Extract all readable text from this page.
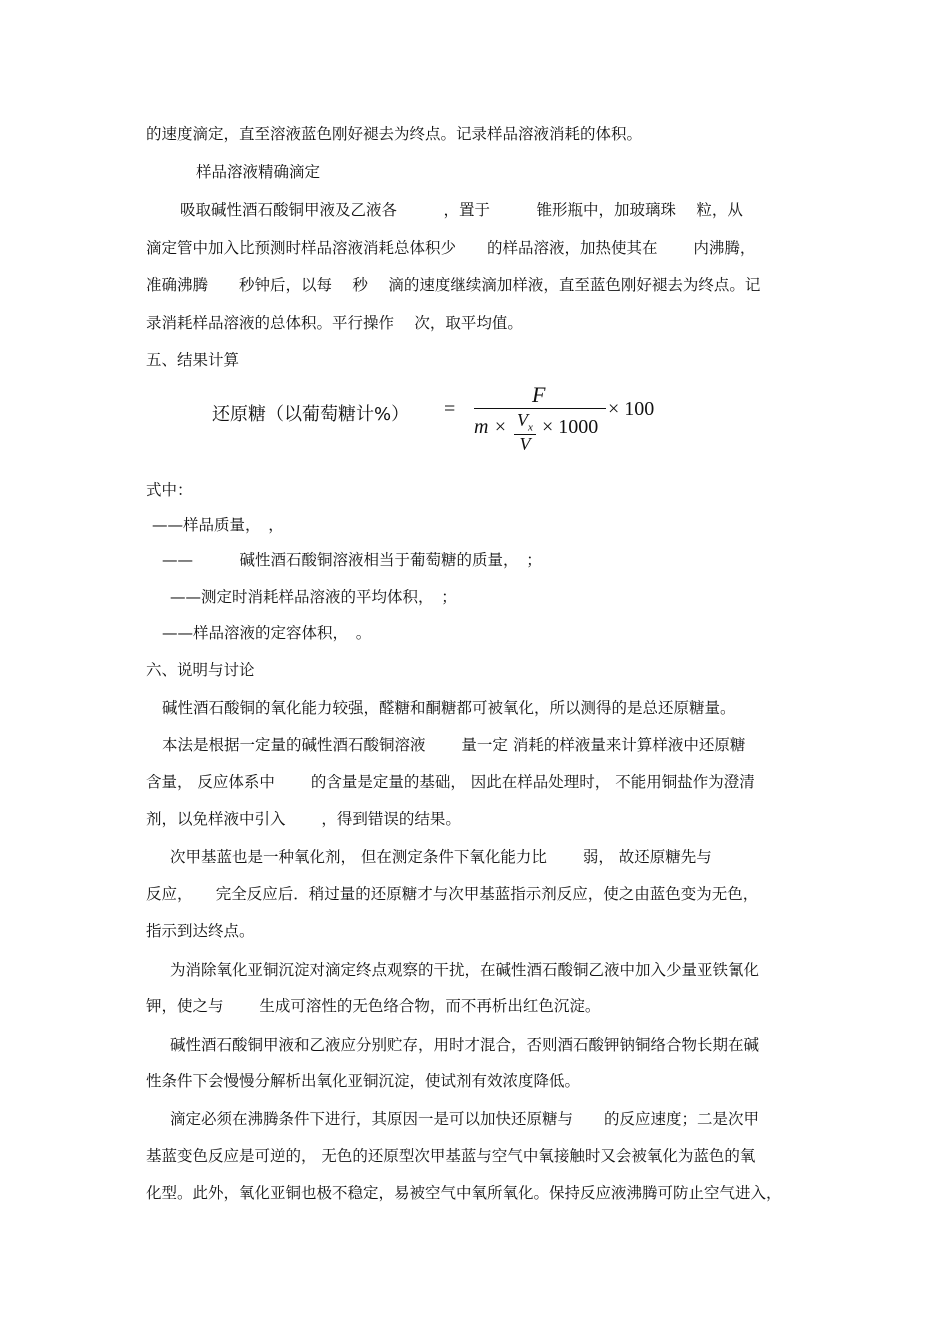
的速度滴定，直至溶液蓝色刚好褪去为终点。记录样品溶液消耗的体积。
样品溶液精确滴定
吸取碱性酒石酸铜甲液及乙液各　　　，置于　　　锥形瓶中，加玻璃珠　 粒，从
滴定管中加入比预测时样品溶液消耗总体积少　　的样品溶液，加热使其在　　 内沸腾，
准确沸腾　　秒钟后，以每　 秒　 滴的速度继续滴加样液，直至蓝色刚好褪去为终点。记
录消耗样品溶液的总体积。平行操作　 次，取平均值。
五、结果计算
还原糖（以葡萄糖计%） =
F
× 100
$m \times V_x$
V
× 1000
式中：
——样品质量，　，
——　　　碱性酒石酸铜溶液相当于葡萄糖的质量，　；
——测定时消耗样品溶液的平均体积，　；
——样品溶液的定容体积，　。
六、说明与讨论
碱性酒石酸铜的氧化能力较强，醛糖和酮糖都可被氧化，所以测得的是总还原糖量。
本法是根据一定量的碱性酒石酸铜溶液　　 量一定 消耗的样液量来计算样液中还原糖
含量， 反应体系中　　 的含量是定量的基础， 因此在样品处理时， 不能用铜盐作为澄清
剂，以免样液中引入　　 ，得到错误的结果。
次甲基蓝也是一种氧化剂， 但在测定条件下氧化能力比　　 弱， 故还原糖先与
反应，　　完全反应后．稍过量的还原糖才与次甲基蓝指示剂反应，使之由蓝色变为无色，
指示到达终点。
为消除氧化亚铜沉淀对滴定终点观察的干扰，在碱性酒石酸铜乙液中加入少量亚铁氰化
钾，使之与　　 生成可溶性的无色络合物，而不再析出红色沉淀。
碱性酒石酸铜甲液和乙液应分别贮存，用时才混合，否则酒石酸钾钠铜络合物长期在碱
性条件下会慢慢分解析出氧化亚铜沉淀，使试剂有效浓度降低。
滴定必须在沸腾条件下进行，其原因一是可以加快还原糖与　　的反应速度；二是次甲
基蓝变色反应是可逆的， 无色的还原型次甲基蓝与空气中氧接触时又会被氧化为蓝色的氧
化型。此外，氧化亚铜也极不稳定，易被空气中氧所氧化。保持反应液沸腾可防止空气进入，
